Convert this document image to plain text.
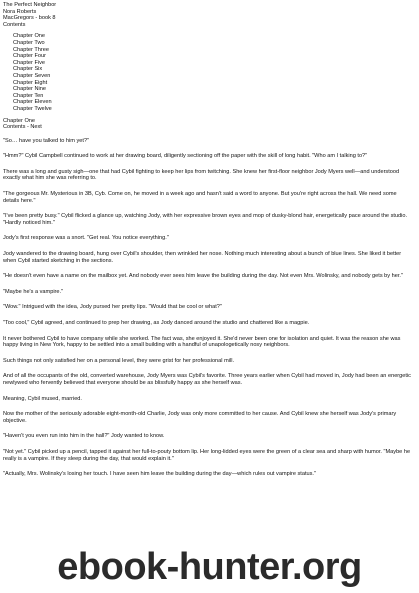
The Perfect Neighbor
Nora Roberts
MacGregors - book 8
Contents
Chapter One
Chapter Two
Chapter Three
Chapter Four
Chapter Five
Chapter Six
Chapter Seven
Chapter Eight
Chapter Nine
Chapter Ten
Chapter Eleven
Chapter Twelve
Chapter One
Contents - Next

"So… have you talked to him yet?"

"Hmm?" Cybil Campbell continued to work at her drawing board, diligently sectioning off the paper with the skill of long habit. "Who am I talking to?"

There was a long and gusty sigh—one that had Cybil fighting to keep her lips from twitching. She knew her first-floor neighbor Jody Myers well—and understood exactly what him she was referring to.

"The gorgeous Mr. Mysterious in 3B, Cyb. Come on, he moved in a week ago and hasn't said a word to anyone. But you're right across the hall. We need some details here."

"I've been pretty busy." Cybil flicked a glance up, watching Jody, with her expressive brown eyes and mop of dusky-blond hair, energetically pace around the studio. "Hardly noticed him."

Jody's first response was a snort. "Get real. You notice everything."

Jody wandered to the drawing board, hung over Cybil's shoulder, then wrinkled her nose. Nothing much interesting about a bunch of blue lines. She liked it better when Cybil started sketching in the sections.

"He doesn't even have a name on the mailbox yet. And nobody ever sees him leave the building during the day. Not even Mrs. Wolinsky, and nobody gets by her."

"Maybe he's a vampire."

"Wow." Intrigued with the idea, Jody pursed her pretty lips. "Would that be cool or what?"

"Too cool," Cybil agreed, and continued to prep her drawing, as Jody danced around the studio and chattered like a magpie.

It never bothered Cybil to have company while she worked. The fact was, she enjoyed it. She'd never been one for isolation and quiet. It was the reason she was happy living in New York, happy to be settled into a small building with a handful of unapologetically nosy neighbors.

Such things not only satisfied her on a personal level, they were grist for her professional mill.

And of all the occupants of the old, converted warehouse, Jody Myers was Cybil's favorite. Three years earlier when Cybil had moved in, Jody had been an energetic newlywed who fervently believed that everyone should be as blissfully happy as she herself was.

Meaning, Cybil mused, married.

Now the mother of the seriously adorable eight-month-old Charlie, Jody was only more committed to her cause. And Cybil knew she herself was Jody's primary objective.

"Haven't you even run into him in the hall?" Jody wanted to know.

"Not yet." Cybil picked up a pencil, tapped it against her full-to-pouty bottom lip. Her long-lidded eyes were the green of a clear sea and sharp with humor. "Maybe he really is a vampire. If they sleep during the day, that would explain it."

"Actually, Mrs. Wolinsky's losing her touch. I have seen him leave the building during the day—which rules out vampire status."

ebook-hunter.org
